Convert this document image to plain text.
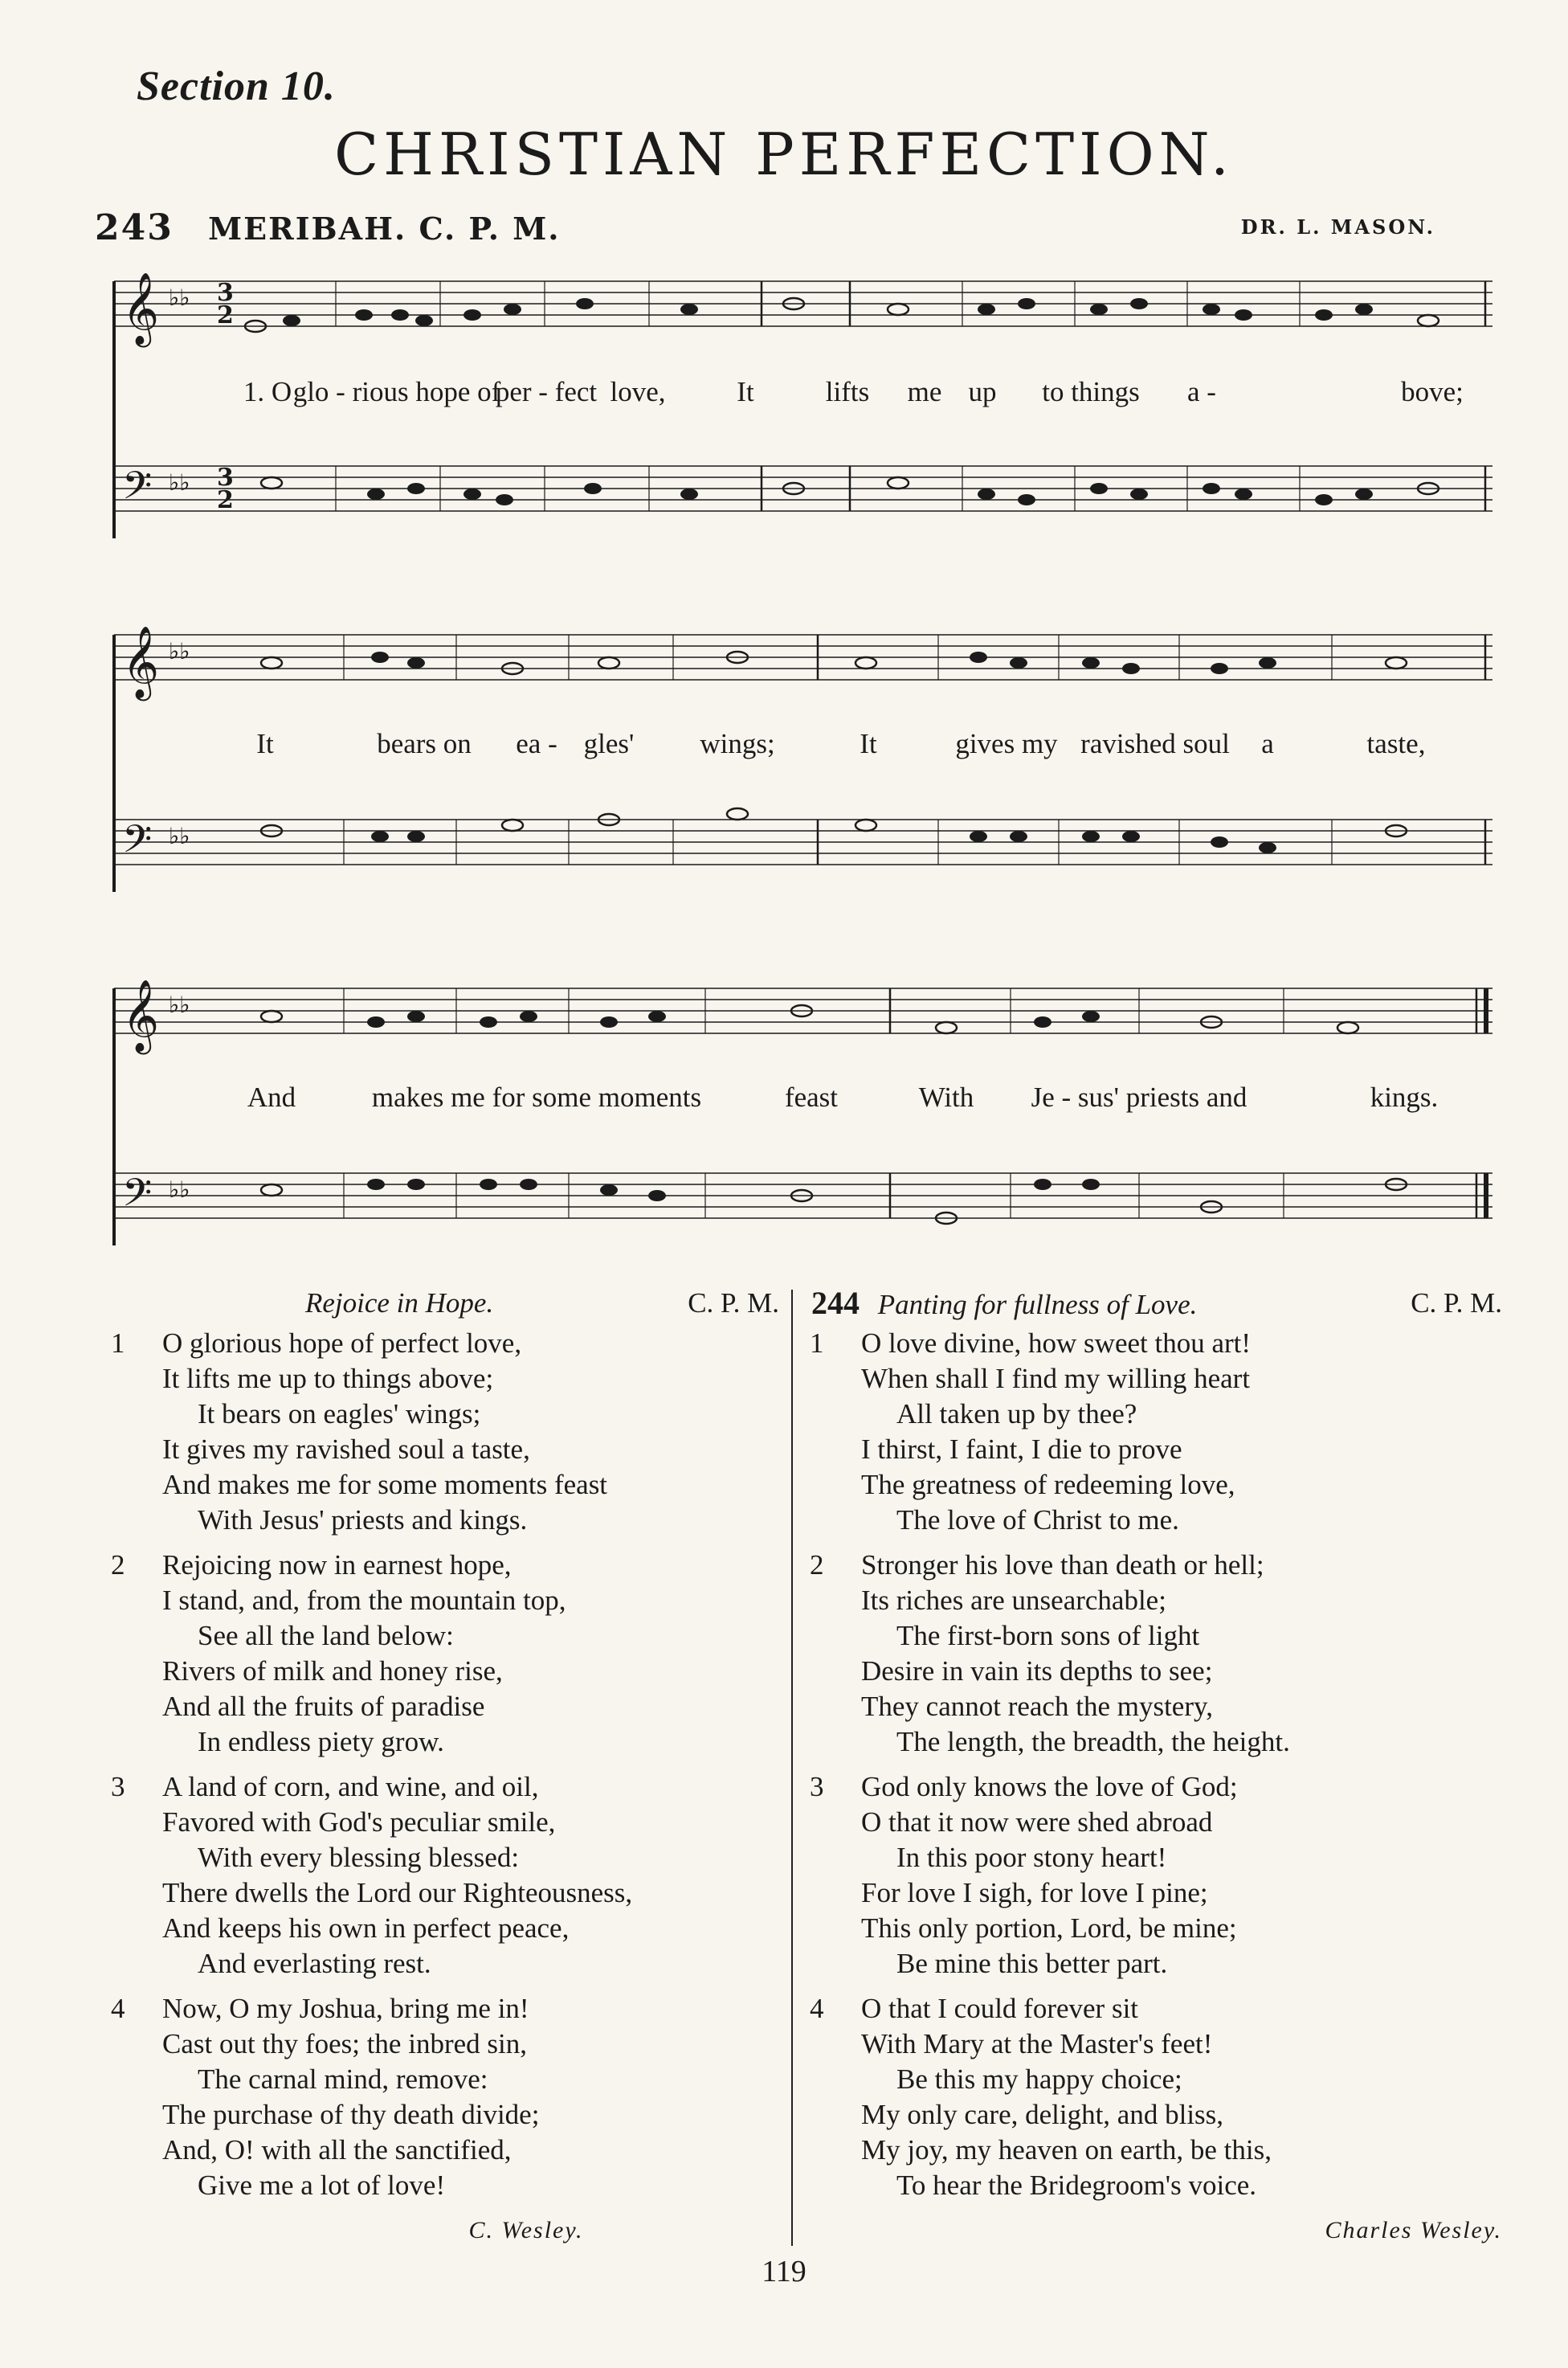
Section 10.
CHRISTIAN PERFECTION.
243 MERIBAH. C. P. M.	DR. L. MASON.
𝄞
𝄢
♭♭
♭♭
3
2
3
2
1. O glo - rious hope of
per - fect love,	It	lifts me up to things a -	bove;
𝄞
𝄢
♭♭
♭♭
It	bears on ea - gles' wings;	It	gives my ravished soul a	taste,
𝄞
𝄢
♭♭
♭♭
And	makes me for some moments	feast	With Je - sus' priests and	kings.
Rejoice in Hope.	C. P. M.
1	O glorious hope of perfect love,
It lifts me up to things above;
It bears on eagles' wings;
It gives my ravished soul a taste,
And makes me for some moments feast
With Jesus' priests and kings.
2	Rejoicing now in earnest hope,
I stand, and, from the mountain top,
See all the land below:
Rivers of milk and honey rise,
And all the fruits of paradise
In endless piety grow.
3	A land of corn, and wine, and oil,
Favored with God's peculiar smile,
With every blessing blessed:
There dwells the Lord our Righteousness,
And keeps his own in perfect peace,
And everlasting rest.
4	Now, O my Joshua, bring me in!
Cast out thy foes; the inbred sin,
The carnal mind, remove:
The purchase of thy death divide;
And, O! with all the sanctified,
Give me a lot of love!
C. Wesley.
244 Panting for fullness of Love.	C. P. M.
1	O love divine, how sweet thou art!
When shall I find my willing heart
All taken up by thee?
I thirst, I faint, I die to prove
The greatness of redeeming love,
The love of Christ to me.
2	Stronger his love than death or hell;
Its riches are unsearchable;
The first-born sons of light
Desire in vain its depths to see;
They cannot reach the mystery,
The length, the breadth, the height.
3	God only knows the love of God;
O that it now were shed abroad
In this poor stony heart!
For love I sigh, for love I pine;
This only portion, Lord, be mine;
Be mine this better part.
4	O that I could forever sit
With Mary at the Master's feet!
Be this my happy choice;
My only care, delight, and bliss,
My joy, my heaven on earth, be this,
To hear the Bridegroom's voice.
Charles Wesley.
119
